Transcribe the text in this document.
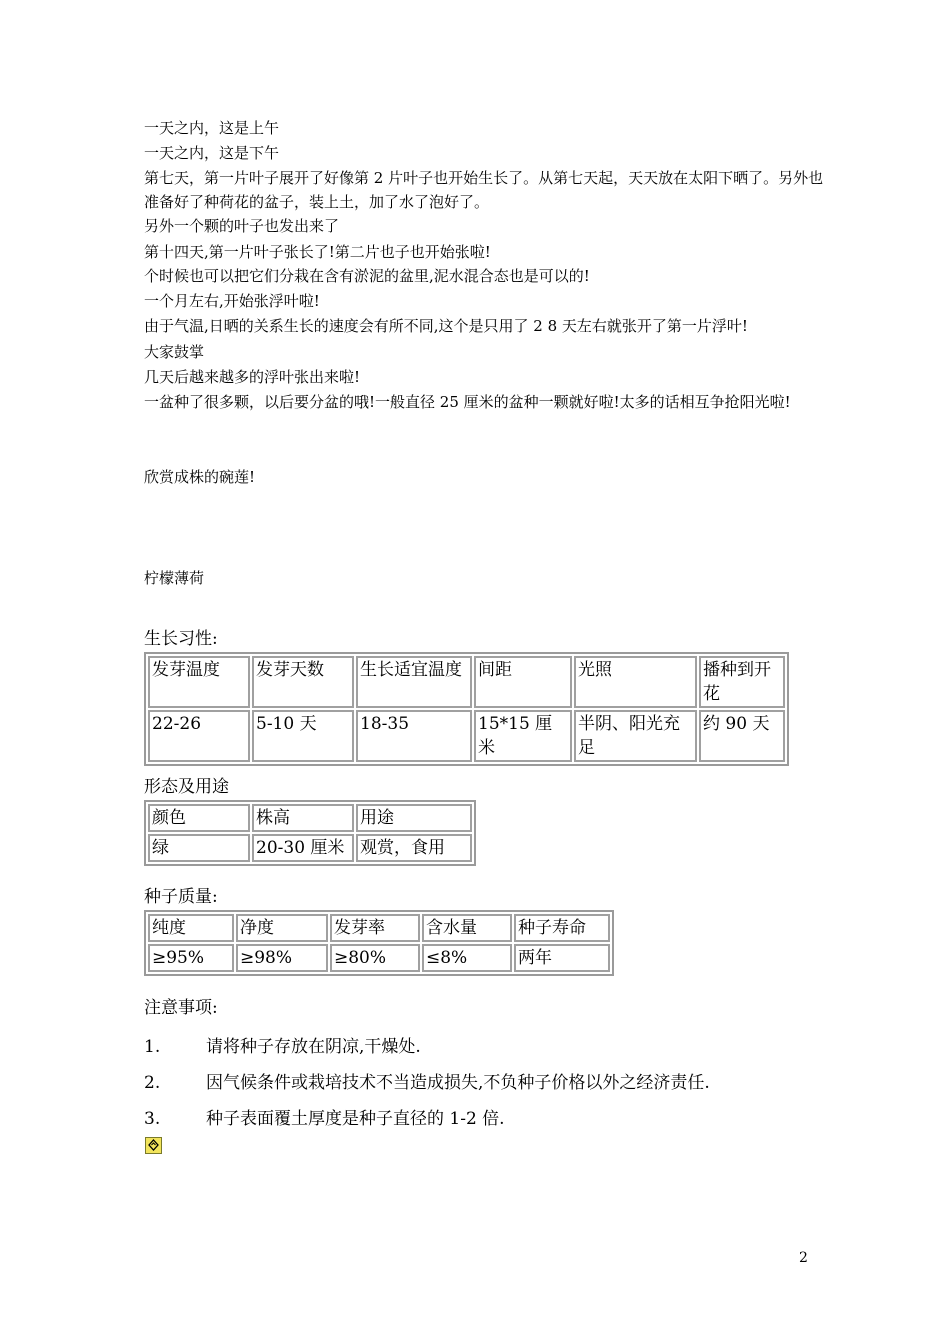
一天之内，这是上午
一天之内，这是下午
第七天，第一片叶子展开了好像第 2 片叶子也开始生长了。从第七天起，天天放在太阳下晒了。另外也准备好了种荷花的盆子，装上土，加了水了泡好了。
另外一个颗的叶子也发出来了
第十四天,第一片叶子张长了!第二片也子也开始张啦!
个时候也可以把它们分栽在含有淤泥的盆里,泥水混合态也是可以的!
一个月左右,开始张浮叶啦!
由于气温,日晒的关系生长的速度会有所不同,这个是只用了 2 8 天左右就张开了第一片浮叶!
大家鼓掌
几天后越来越多的浮叶张出来啦!
一盆种了很多颗，以后要分盆的哦!一般直径 25 厘米的盆种一颗就好啦!太多的话相互争抢阳光啦!
欣赏成株的碗莲!
柠檬薄荷
生长习性:
发芽温度	发芽天数	生长适宜温度	间距	光照	播种到开花
22-26	5-10 天	18-35	15*15 厘米	半阴、阳光充足	约 90 天
形态及用途
颜色	株高	用途
绿	20-30 厘米	观赏，食用
种子质量:
纯度	净度	发芽率	含水量	种子寿命
≥95%	≥98%	≥80%	≤8%	两年
注意事项:
1.	请将种子存放在阴凉,干燥处.
2.	因气候条件或栽培技术不当造成损失,不负种子价格以外之经济责任.
3.	种子表面覆土厚度是种子直径的 1-2 倍.
2
